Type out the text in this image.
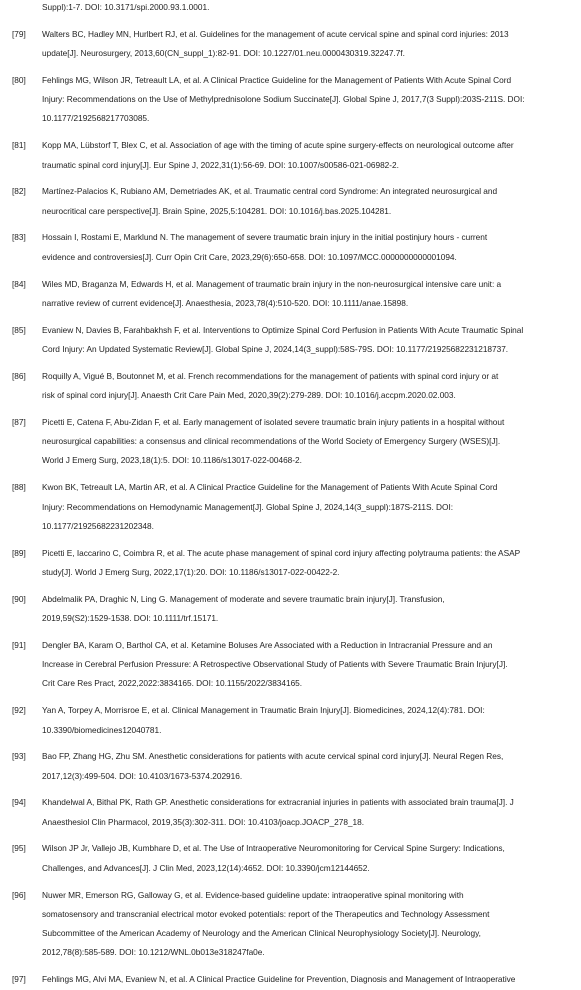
Suppl):1-7. DOI: 10.3171/spi.2000.93.1.0001.
[79]	Walters BC, Hadley MN, Hurlbert RJ, et al. Guidelines for the management of acute cervical spine and spinal cord injuries: 2013
update[J]. Neurosurgery, 2013,60(CN_suppl_1):82-91. DOI: 10.1227/01.neu.0000430319.32247.7f.
[80]	Fehlings MG, Wilson JR, Tetreault LA, et al. A Clinical Practice Guideline for the Management of Patients With Acute Spinal Cord
Injury: Recommendations on the Use of Methylprednisolone Sodium Succinate[J]. Global Spine J, 2017,7(3 Suppl):203S-211S. DOI:
10.1177/2192568217703085.
[81]	Kopp MA, Lübstorf T, Blex C, et al. Association of age with the timing of acute spine surgery-effects on neurological outcome after
traumatic spinal cord injury[J]. Eur Spine J, 2022,31(1):56-69. DOI: 10.1007/s00586-021-06982-2.
[82]	Martínez-Palacios K, Rubiano AM, Demetriades AK, et al. Traumatic central cord Syndrome: An integrated neurosurgical and
neurocritical care perspective[J]. Brain Spine, 2025,5:104281. DOI: 10.1016/j.bas.2025.104281.
[83]	Hossain I, Rostami E, Marklund N. The management of severe traumatic brain injury in the initial postinjury hours - current
evidence and controversies[J]. Curr Opin Crit Care, 2023,29(6):650-658. DOI: 10.1097/MCC.0000000000001094.
[84]	Wiles MD, Braganza M, Edwards H, et al. Management of traumatic brain injury in the non-neurosurgical intensive care unit: a
narrative review of current evidence[J]. Anaesthesia, 2023,78(4):510-520. DOI: 10.1111/anae.15898.
[85]	Evaniew N, Davies B, Farahbakhsh F, et al. Interventions to Optimize Spinal Cord Perfusion in Patients With Acute Traumatic Spinal
Cord Injury: An Updated Systematic Review[J]. Global Spine J, 2024,14(3_suppl):58S-79S. DOI: 10.1177/21925682231218737.
[86]	Roquilly A, Vigué B, Boutonnet M, et al. French recommendations for the management of patients with spinal cord injury or at
risk of spinal cord injury[J]. Anaesth Crit Care Pain Med, 2020,39(2):279-289. DOI: 10.1016/j.accpm.2020.02.003.
[87]	Picetti E, Catena F, Abu-Zidan F, et al. Early management of isolated severe traumatic brain injury patients in a hospital without
neurosurgical capabilities: a consensus and clinical recommendations of the World Society of Emergency Surgery (WSES)[J].
World J Emerg Surg, 2023,18(1):5. DOI: 10.1186/s13017-022-00468-2.
[88]	Kwon BK, Tetreault LA, Martin AR, et al. A Clinical Practice Guideline for the Management of Patients With Acute Spinal Cord
Injury: Recommendations on Hemodynamic Management[J]. Global Spine J, 2024,14(3_suppl):187S-211S. DOI:
10.1177/21925682231202348.
[89]	Picetti E, Iaccarino C, Coimbra R, et al. The acute phase management of spinal cord injury affecting polytrauma patients: the ASAP
study[J]. World J Emerg Surg, 2022,17(1):20. DOI: 10.1186/s13017-022-00422-2.
[90]	Abdelmalik PA, Draghic N, Ling G. Management of moderate and severe traumatic brain injury[J]. Transfusion,
2019,59(S2):1529-1538. DOI: 10.1111/trf.15171.
[91]	Dengler BA, Karam O, Barthol CA, et al. Ketamine Boluses Are Associated with a Reduction in Intracranial Pressure and an
Increase in Cerebral Perfusion Pressure: A Retrospective Observational Study of Patients with Severe Traumatic Brain Injury[J].
Crit Care Res Pract, 2022,2022:3834165. DOI: 10.1155/2022/3834165.
[92]	Yan A, Torpey A, Morrisroe E, et al. Clinical Management in Traumatic Brain Injury[J]. Biomedicines, 2024,12(4):781. DOI:
10.3390/biomedicines12040781.
[93]	Bao FP, Zhang HG, Zhu SM. Anesthetic considerations for patients with acute cervical spinal cord injury[J]. Neural Regen Res,
2017,12(3):499-504. DOI: 10.4103/1673-5374.202916.
[94]	Khandelwal A, Bithal PK, Rath GP. Anesthetic considerations for extracranial injuries in patients with associated brain trauma[J]. J
Anaesthesiol Clin Pharmacol, 2019,35(3):302-311. DOI: 10.4103/joacp.JOACP_278_18.
[95]	Wilson JP Jr, Vallejo JB, Kumbhare D, et al. The Use of Intraoperative Neuromonitoring for Cervical Spine Surgery: Indications,
Challenges, and Advances[J]. J Clin Med, 2023,12(14):4652. DOI: 10.3390/jcm12144652.
[96]	Nuwer MR, Emerson RG, Galloway G, et al. Evidence-based guideline update: intraoperative spinal monitoring with
somatosensory and transcranial electrical motor evoked potentials: report of the Therapeutics and Technology Assessment
Subcommittee of the American Academy of Neurology and the American Clinical Neurophysiology Society[J]. Neurology,
2012,78(8):585-589. DOI: 10.1212/WNL.0b013e318247fa0e.
[97]	Fehlings MG, Alvi MA, Evaniew N, et al. A Clinical Practice Guideline for Prevention, Diagnosis and Management of Intraoperative
